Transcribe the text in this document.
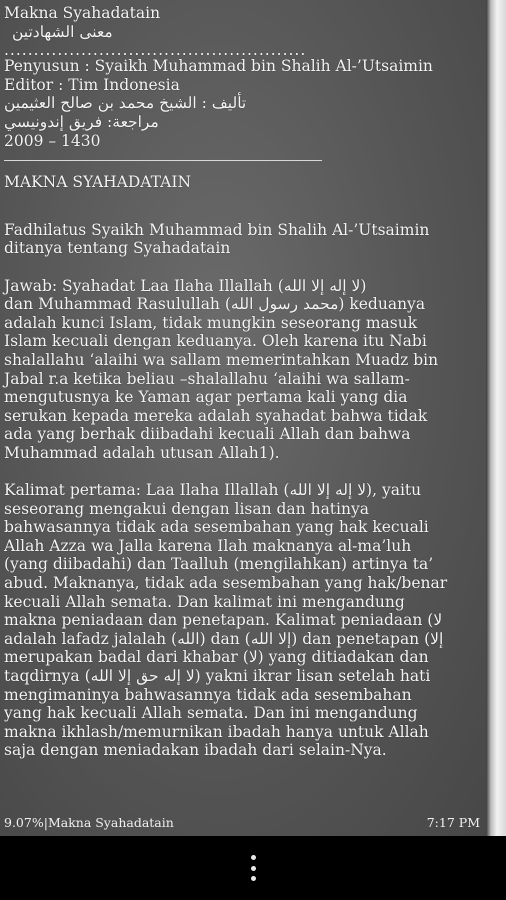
Makna Syahadatain
معنى الشهادتين
...................................................
Penyusun : Syaikh Muhammad bin Shalih Al-’Utsaimin
Editor : Tim Indonesia
تأليف : الشيخ محمد بن صالح العثيمين
مراجعة: فريق إندونيسي
2009 – 1430
MAKNA SYAHADATAIN
Fadhilatus Syaikh Muhammad bin Shalih Al-’Utsaimin
ditanya tentang Syahadatain
Jawab: Syahadat Laa Ilaha Illallah (لا إله إلا الله)
dan Muhammad Rasulullah (محمد رسول الله) keduanya
adalah kunci Islam, tidak mungkin seseorang masuk
Islam kecuali dengan keduanya. Oleh karena itu Nabi
shalallahu ‘alaihi wa sallam memerintahkan Muadz bin
Jabal r.a ketika beliau –shalallahu ‘alaihi wa sallam-
mengutusnya ke Yaman agar pertama kali yang dia
serukan kepada mereka adalah syahadat bahwa tidak
ada yang berhak diibadahi kecuali Allah dan bahwa
Muhammad adalah utusan Allah1).
Kalimat pertama: Laa Ilaha Illallah (لا إله إلا الله), yaitu
seseorang mengakui dengan lisan dan hatinya
bahwasannya tidak ada sesembahan yang hak kecuali
Allah Azza wa Jalla karena Ilah maknanya al-ma’luh
(yang diibadahi) dan Taalluh (mengilahkan) artinya ta’
abud. Maknanya, tidak ada sesembahan yang hak/benar
kecuali Allah semata. Dan kalimat ini mengandung
makna peniadaan dan penetapan. Kalimat peniadaan (لا
adalah lafadz jalalah (الله) dan (إلا الله) dan penetapan (إلا
merupakan badal dari khabar (لا) yang ditiadakan dan
taqdirnya (لا إله حق إلا الله) yakni ikrar lisan setelah hati
mengimaninya bahwasannya tidak ada sesembahan
yang hak kecuali Allah semata. Dan ini mengandung
makna ikhlash/memurnikan ibadah hanya untuk Allah
saja dengan meniadakan ibadah dari selain-Nya.
9.07%|Makna Syahadatain	7:17 PM
